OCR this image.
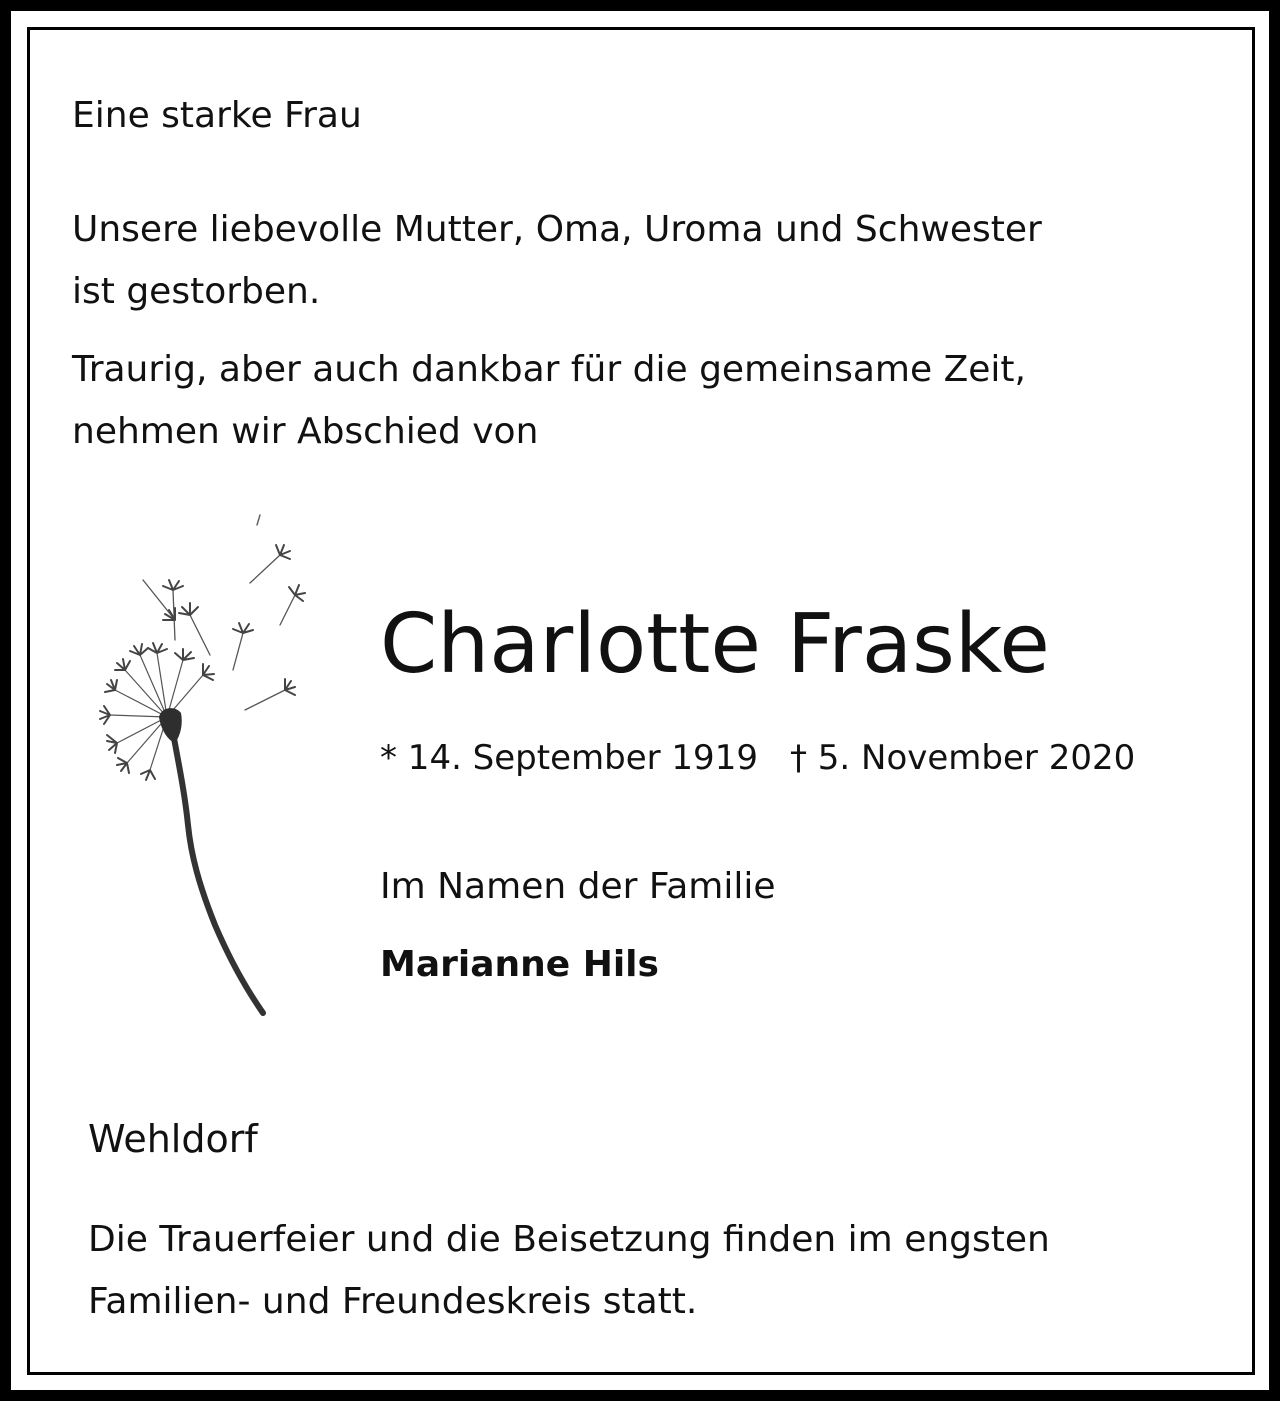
Eine starke Frau
Unsere liebevolle Mutter, Oma, Uroma und Schwester
ist gestorben.
Traurig, aber auch dankbar für die gemeinsame Zeit,
nehmen wir Abschied von
Charlotte Fraske
* 14. September 1919 † 5. November 2020
Im Namen der Familie
Marianne Hils
Wehldorf
Die Trauerfeier und die Beisetzung finden im engsten
Familien- und Freundeskreis statt.
